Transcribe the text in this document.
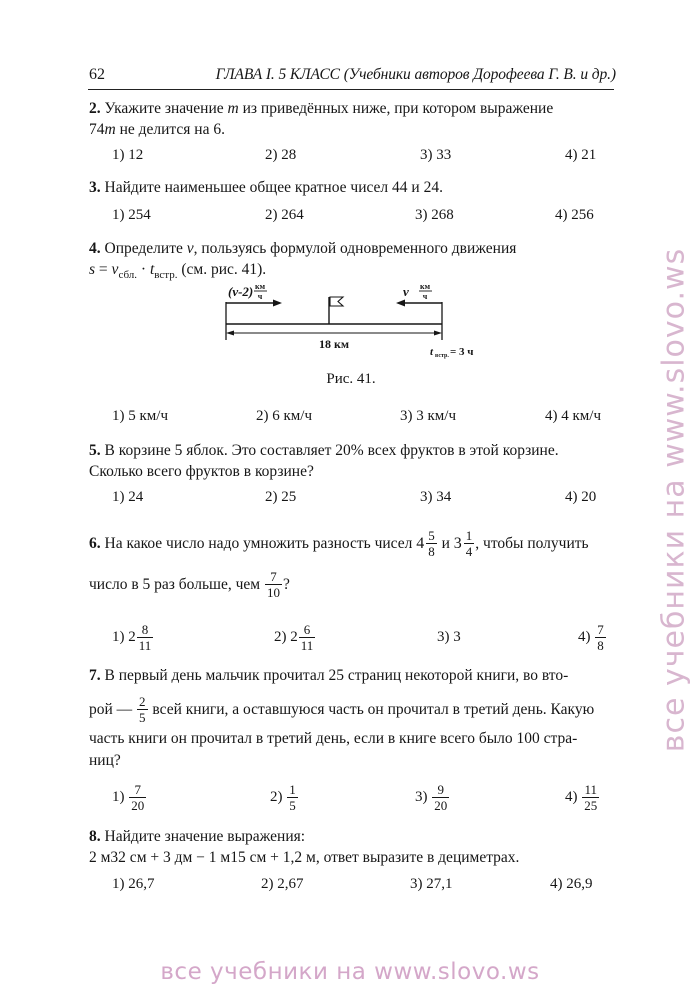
62	ГЛАВА I. 5 КЛАСС (Учебники авторов Дорофеева Г. В. и др.)
2. Укажите значение m из приведённых ниже, при котором выражение
74m не делится на 6.
1) 12	2) 28	3) 33	4) 21
3. Найдите наименьшее общее кратное чисел 44 и 24.
1) 254	2) 264	3) 268	4) 256
4. Определите v, пользуясь формулой одновременного движения
$s = v_{сбл.} \cdot t_{встр.}$ (см. рис. 41).
(v-2) км
ч	v км
ч
18 км
t встр. = 3 ч
Рис. 41.
1) 5 км/ч	2) 6 км/ч	3) 3 км/ч	4) 4 км/ч
5. В корзине 5 яблок. Это составляет 20% всех фруктов в этой корзине.
Сколько всего фруктов в корзине?
1) 24	2) 25	3) 34	4) 20
6.
На какое число надо умножить разность чисел
4 5
8
и
3 1
4 , чтобы получить
число в 5 раз больше, чем
7
10 ?
1)
2 8
11
2)
2 6
11
3)
3	4)
7
8
7. В первый день мальчик прочитал 25 страниц некоторой книги, во вто-
рой —
2
5
всей книги, а оставшуюся часть он прочитал в третий день. Какую
часть книги он прочитал в третий день, если в книге всего было 100 стра-
ниц?
1)
7
20
2)
1
5
3)
9
20
4)
11
25
8. Найдите значение выражения:
2 м32 см + 3 дм − 1 м15 см + 1,2 м, ответ выразите в дециметрах.
1) 26,7	2) 2,67	3) 27,1	4) 26,9
все учебники на www.slovo.ws
все учебники на www.slovo.ws
